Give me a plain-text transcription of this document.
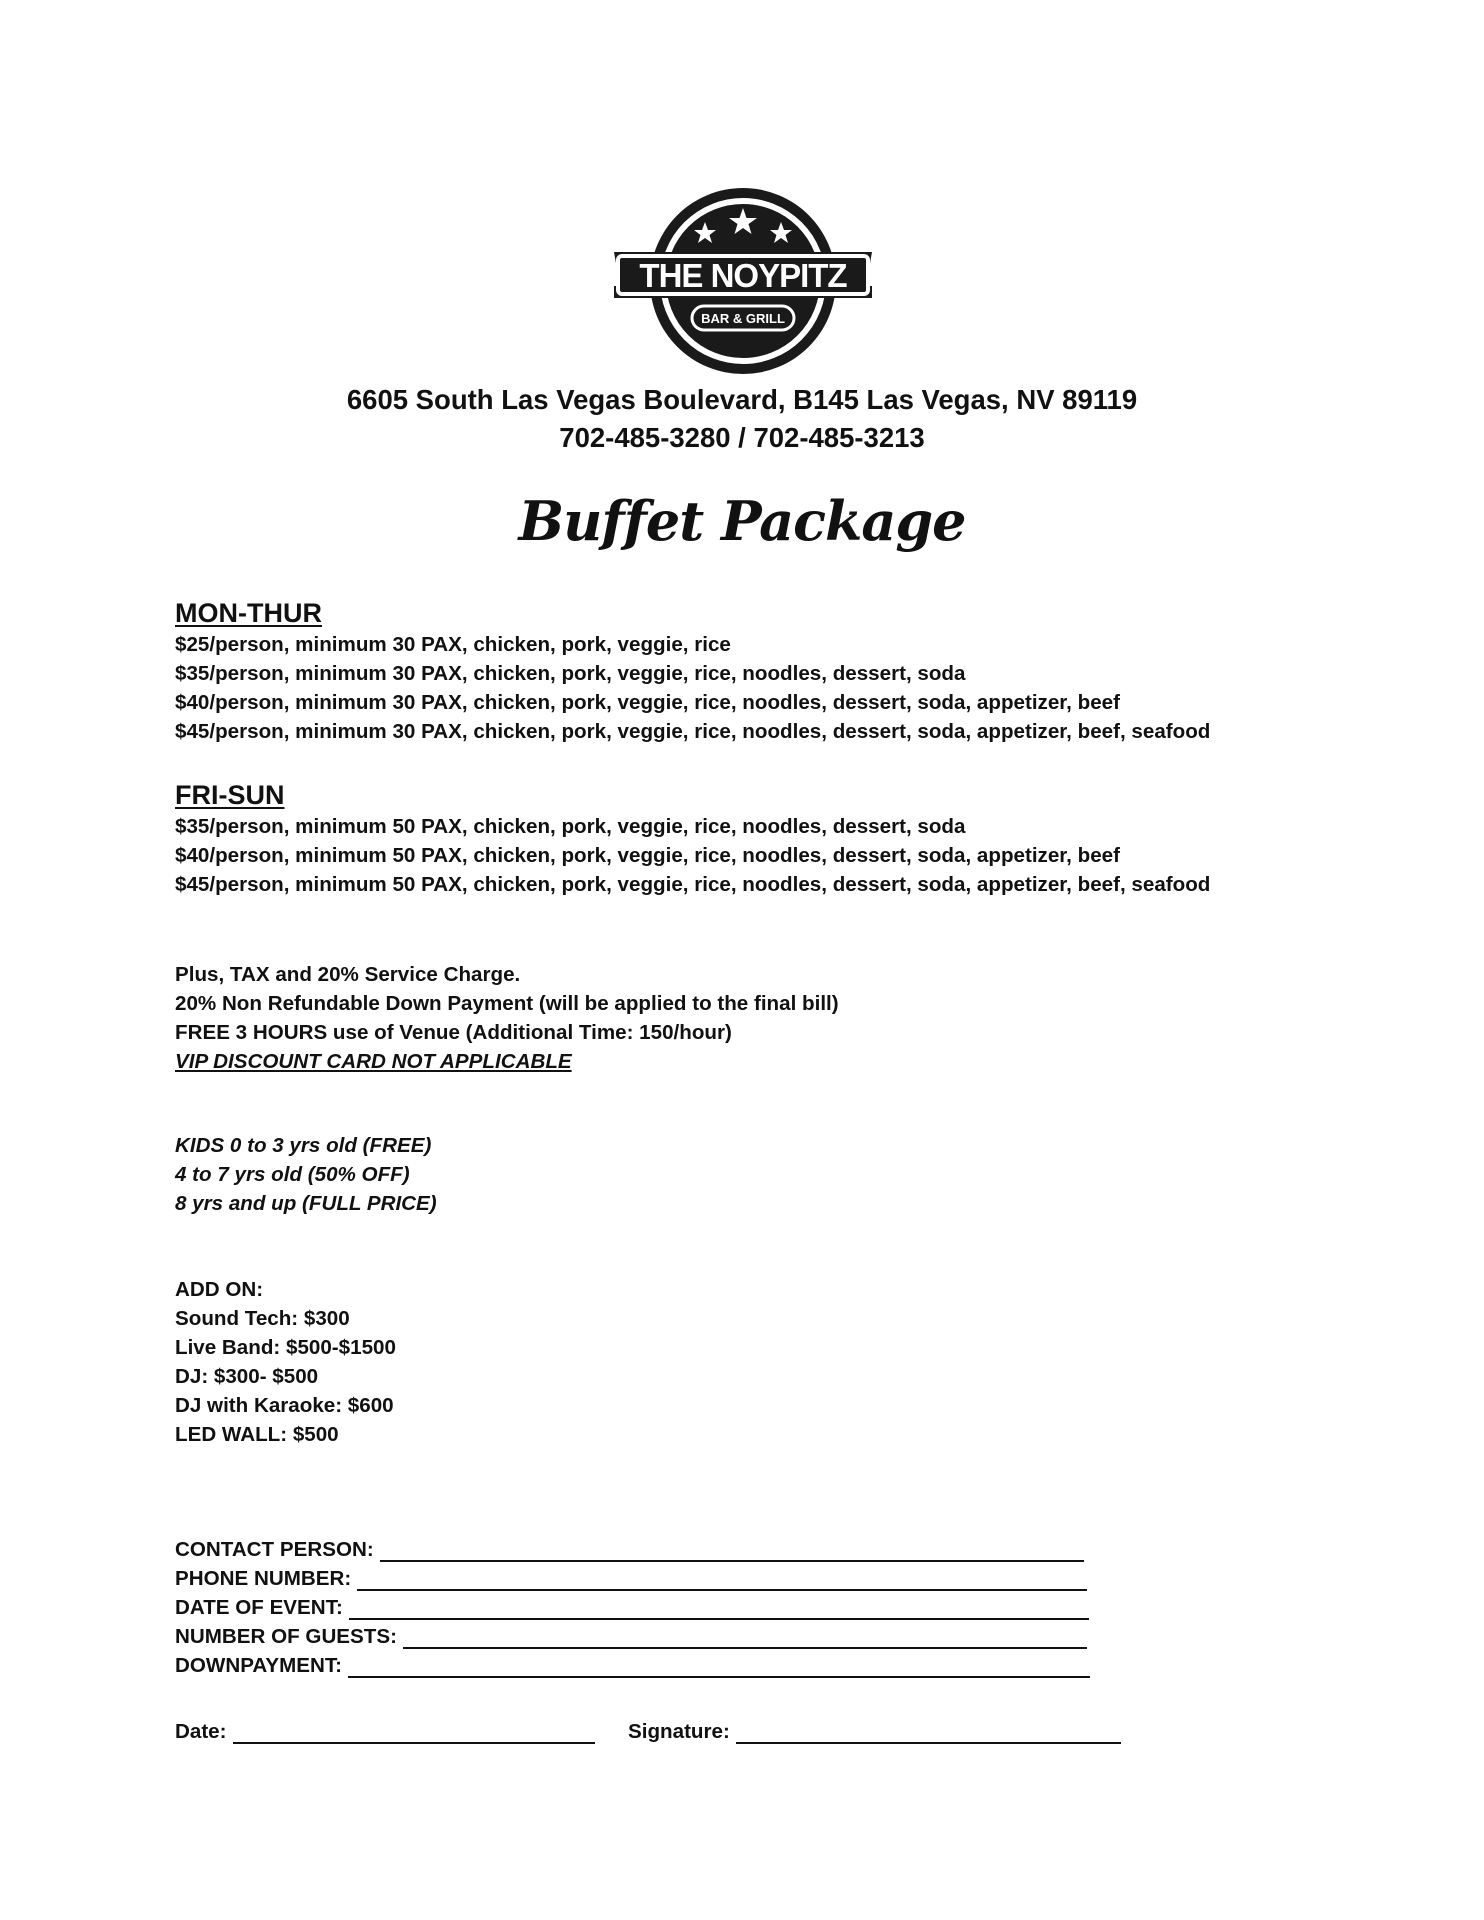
THE NOYPITZ
BAR & GRILL
6605 South Las Vegas Boulevard, B145 Las Vegas, NV 89119
702-485-3280 / 702-485-3213
Buffet Package

MON-THUR

$25/person, minimum 30 PAX, chicken, pork, veggie, rice

$35/person, minimum 30 PAX, chicken, pork, veggie, rice, noodles, dessert, soda

$40/person, minimum 30 PAX, chicken, pork, veggie, rice, noodles, dessert, soda, appetizer, beef

$45/person, minimum 30 PAX, chicken, pork, veggie, rice, noodles, dessert, soda, appetizer, beef, seafood

FRI-SUN

$35/person, minimum 50 PAX, chicken, pork, veggie, rice, noodles, dessert, soda

$40/person, minimum 50 PAX, chicken, pork, veggie, rice, noodles, dessert, soda, appetizer, beef

$45/person, minimum 50 PAX, chicken, pork, veggie, rice, noodles, dessert, soda, appetizer, beef, seafood

Plus, TAX and 20% Service Charge.

20% Non Refundable Down Payment (will be applied to the final bill)

FREE 3 HOURS use of Venue (Additional Time: 150/hour)

VIP DISCOUNT CARD NOT APPLICABLE

KIDS 0 to 3 yrs old (FREE)

4 to 7 yrs old (50% OFF)

8 yrs and up (FULL PRICE)

ADD ON:

Sound Tech: $300

Live Band: $500-$1500

DJ: $300- $500

DJ with Karaoke: $600

LED WALL: $500

CONTACT PERSON:
PHONE NUMBER:
DATE OF EVENT:
NUMBER OF GUESTS:
DOWNPAYMENT:
Date:	Signature:
